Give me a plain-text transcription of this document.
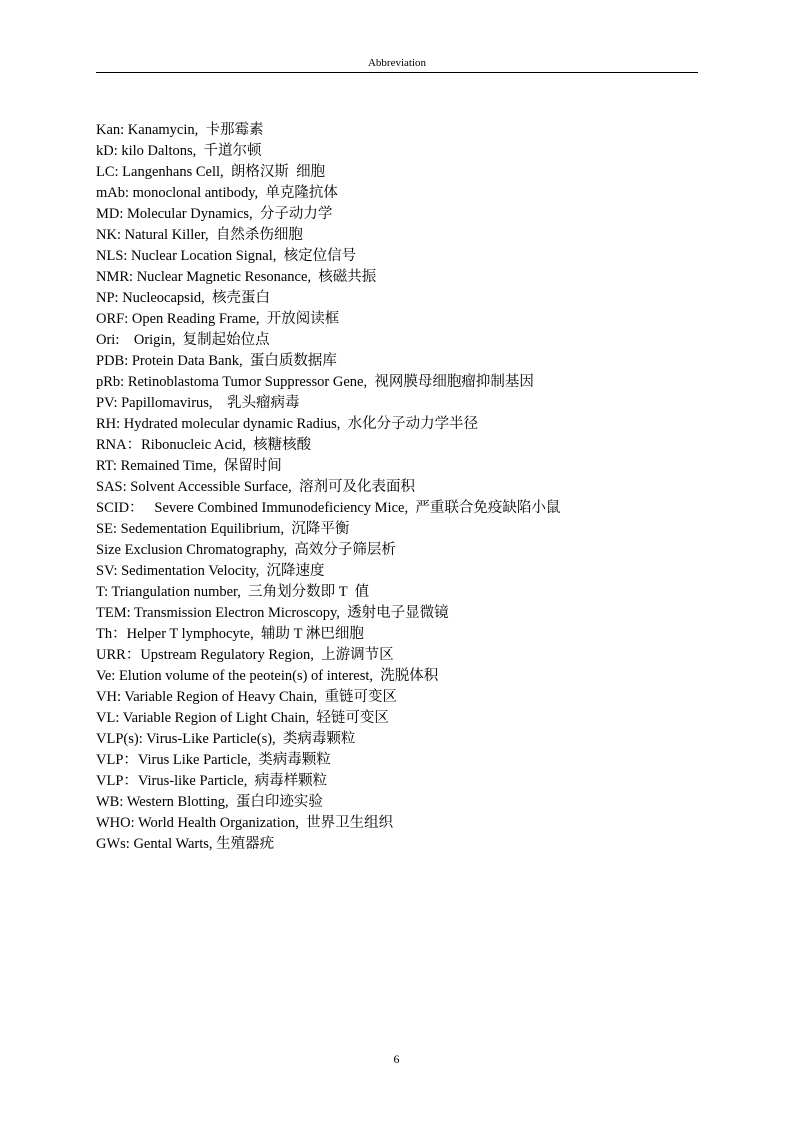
Abbreviation
Kan: Kanamycin,  卡那霉素
kD: kilo Daltons,  千道尔顿
LC: Langenhans Cell,  朗格汉斯  细胞
mAb: monoclonal antibody,  单克隆抗体
MD: Molecular Dynamics,  分子动力学
NK: Natural Killer,  自然杀伤细胞
NLS: Nuclear Location Signal,  核定位信号
NMR: Nuclear Magnetic Resonance,  核磁共振
NP: Nucleocapsid,  核壳蛋白
ORF: Open Reading Frame,  开放阅读框
Ori:    Origin,  复制起始位点
PDB: Protein Data Bank,  蛋白质数据库
pRb: Retinoblastoma Tumor Suppressor Gene,  视网膜母细胞瘤抑制基因
PV: Papillomavirus,    乳头瘤病毒
RH: Hydrated molecular dynamic Radius,  水化分子动力学半径
RNA：Ribonucleic Acid,  核糖核酸
RT: Remained Time,  保留时间
SAS: Solvent Accessible Surface,  溶剂可及化表面积
SCID：   Severe Combined Immunodeficiency Mice,  严重联合免疫缺陷小鼠
SE: Sedementation Equilibrium,  沉降平衡
Size Exclusion Chromatography,  高效分子筛层析
SV: Sedimentation Velocity,  沉降速度
T: Triangulation number,  三角划分数即 T  值
TEM: Transmission Electron Microscopy,  透射电子显微镜
Th：Helper T lymphocyte,  辅助 T 淋巴细胞
URR：Upstream Regulatory Region,  上游调节区
Ve: Elution volume of the peotein(s) of interest,  洗脱体积
VH: Variable Region of Heavy Chain,  重链可变区
VL: Variable Region of Light Chain,  轻链可变区
VLP(s): Virus-Like Particle(s),  类病毒颗粒
VLP：Virus Like Particle,  类病毒颗粒
VLP：Virus-like Particle,  病毒样颗粒
WB: Western Blotting,  蛋白印迹实验
WHO: World Health Organization,  世界卫生组织
GWs: Gental Warts, 生殖器疣
6
